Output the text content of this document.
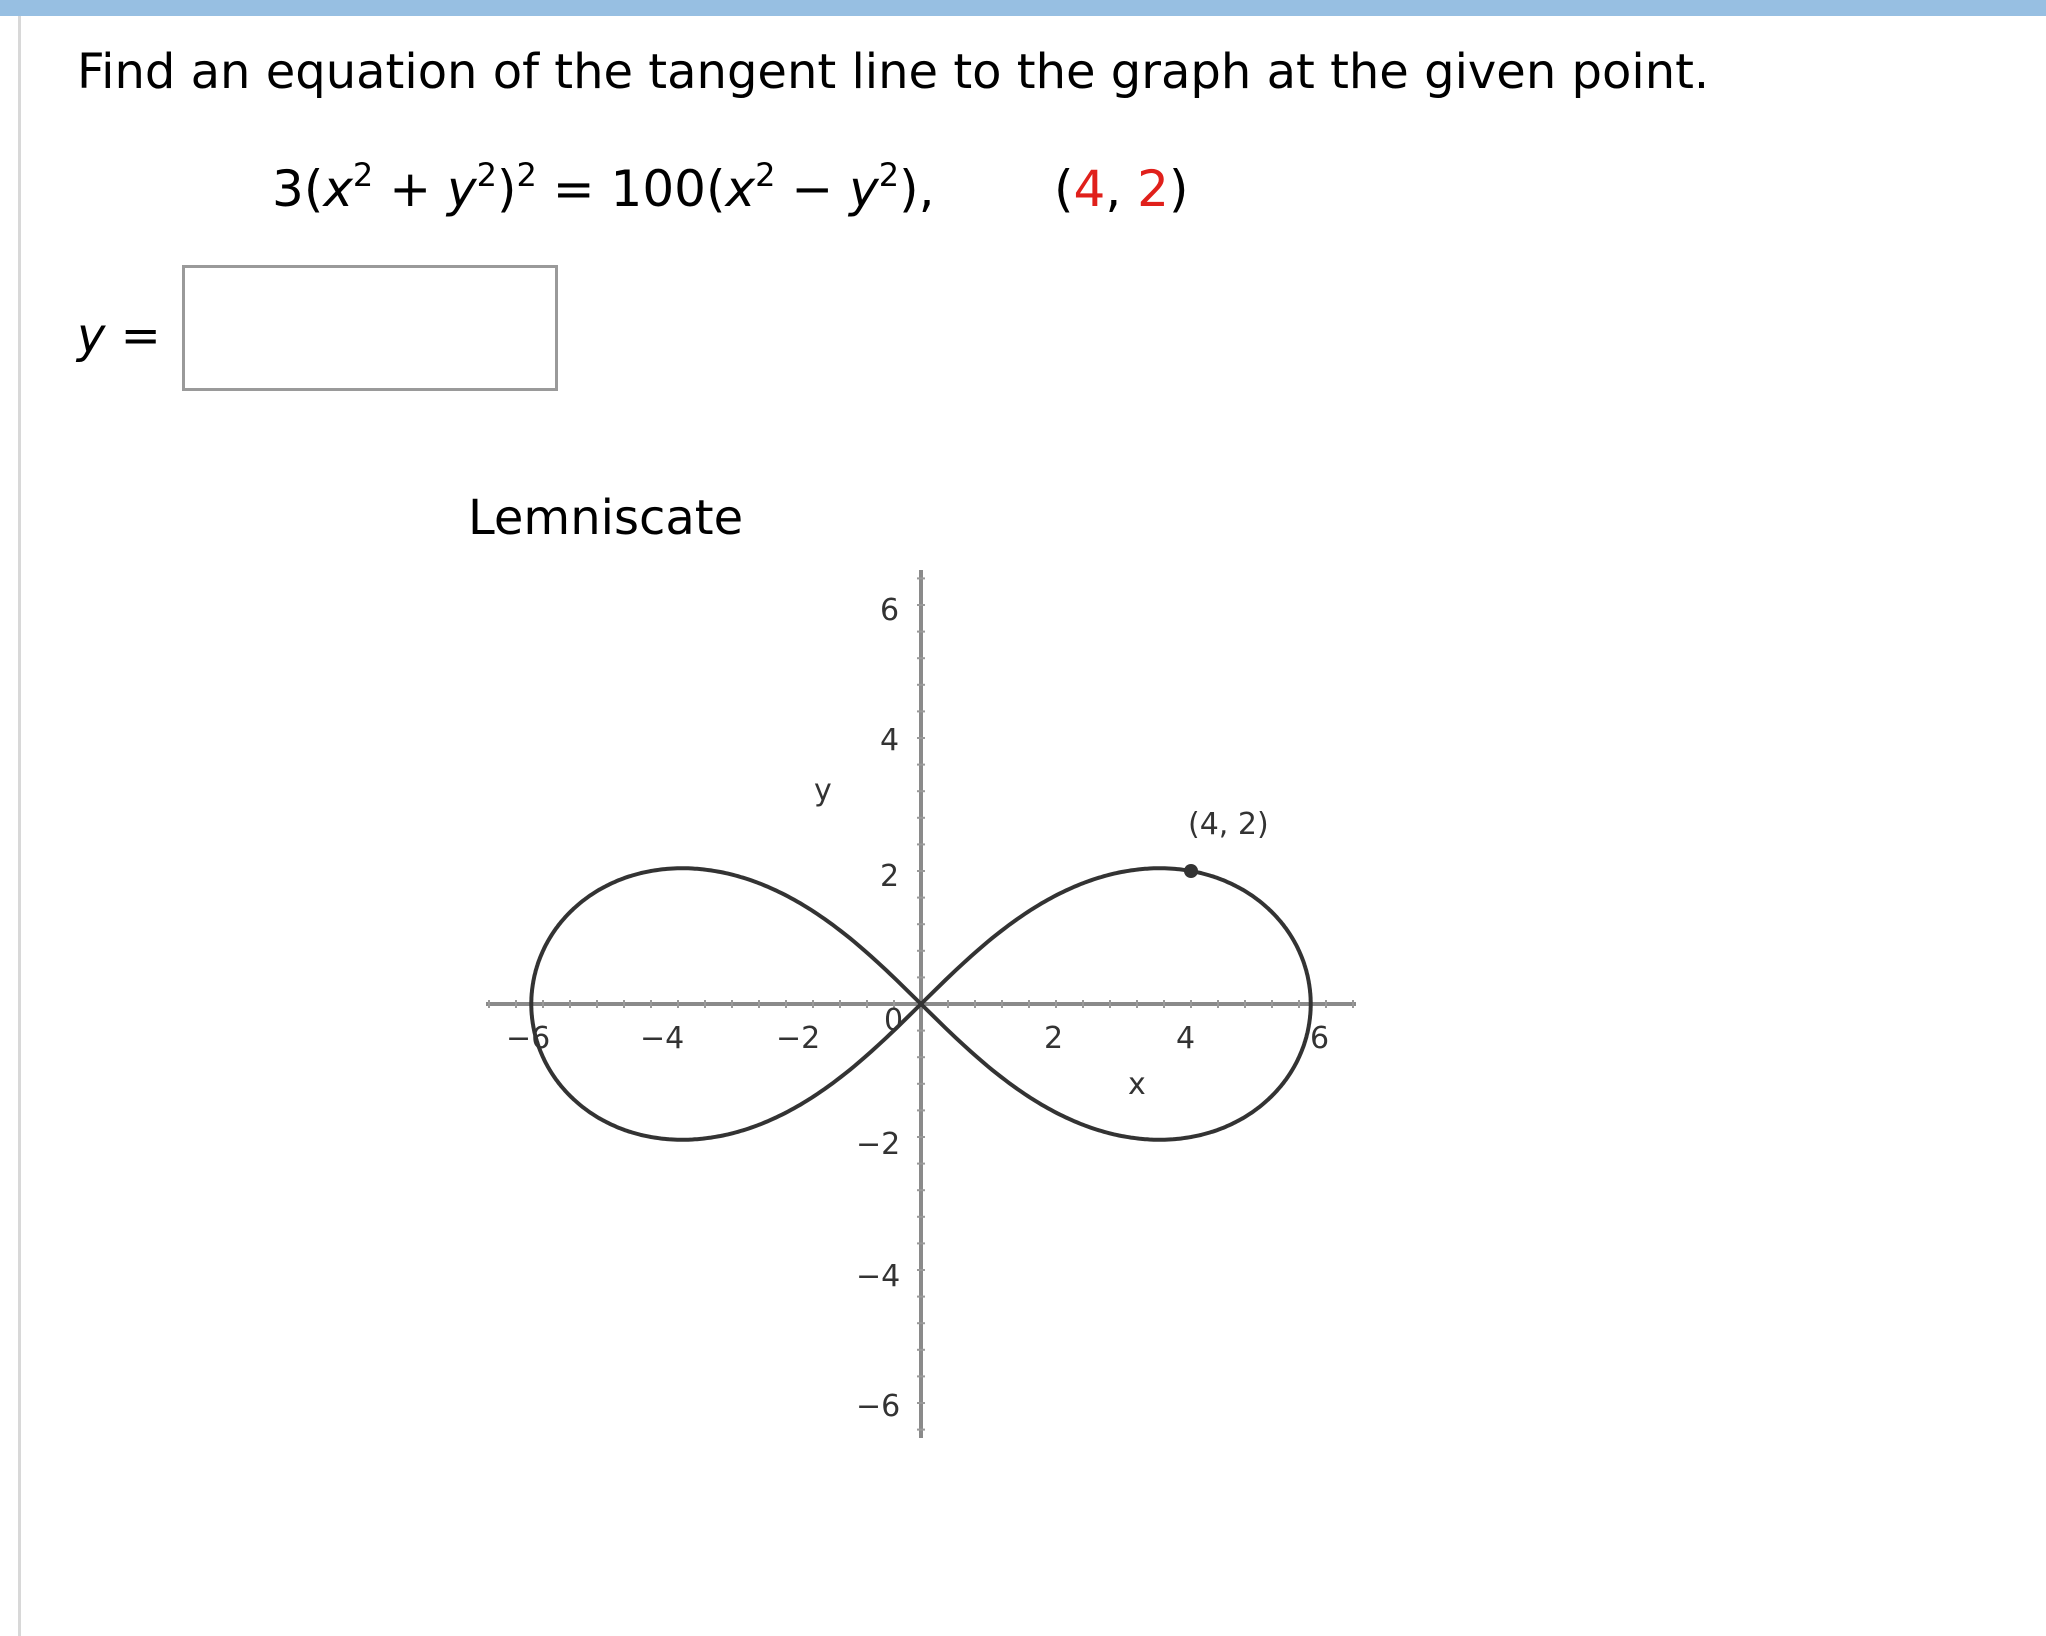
Find an equation of the tangent line to the graph at the given point.
$3(x^2 + y^2)^2 = 100(x^2 - y^2)$, (4, 2)
y =
Lemniscate
(4, 2)
y
x
−6	−4	−2
0
2	4	6
6
4
2
−2
−4
−6
